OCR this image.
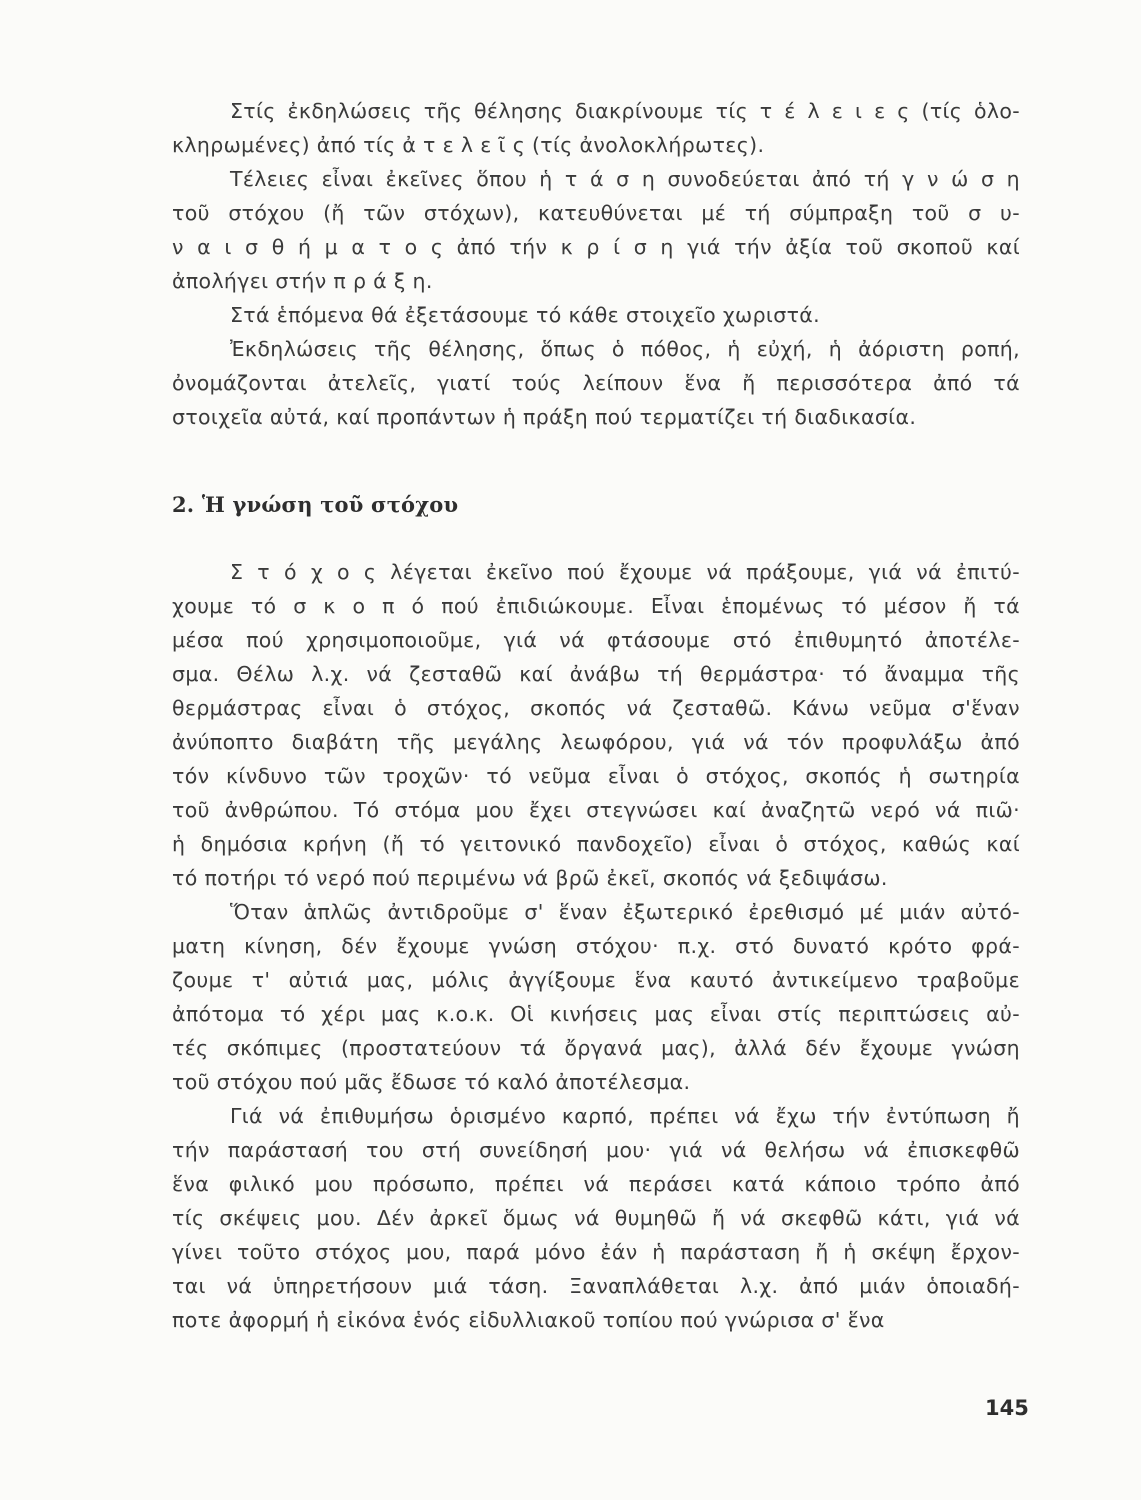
Στίς ἐκδηλώσεις τῆς θέλησης διακρίνουμε τίς τ έ λ ε ι ε ς (τίς ὁλο-
κληρωμένες) ἀπό τίς ἀ τ ε λ ε ῖ ς (τίς ἀνολοκλήρωτες).
Τέλειες εἶναι ἐκεῖνες ὅπου ἡ τ ά σ η συνοδεύεται ἀπό τή γ ν ώ σ η
τοῦ στόχου (ἤ τῶν στόχων), κατευθύνεται μέ τή σύμπραξη τοῦ σ υ-
ν α ι σ θ ή μ α τ ο ς ἀπό τήν κ ρ ί σ η γιά τήν ἀξία τοῦ σκοποῦ καί
ἀπολήγει στήν π ρ ά ξ η.
Στά ἑπόμενα θά ἐξετάσουμε τό κάθε στοιχεῖο χωριστά.
Ἐκδηλώσεις τῆς θέλησης, ὅπως ὁ πόθος, ἡ εὐχή, ἡ ἀόριστη ροπή,
ὀνομάζονται ἀτελεῖς, γιατί τούς λείπουν ἕνα ἤ περισσότερα ἀπό τά
στοιχεῖα αὐτά, καί προπάντων ἡ πράξη πού τερματίζει τή διαδικασία.
2. Ἡ γνώση τοῦ στόχου
Σ τ ό χ ο ς λέγεται ἐκεῖνο πού ἔχουμε νά πράξουμε, γιά νά ἐπιτύ-
χουμε τό σ κ ο π ό πού ἐπιδιώκουμε. Εἶναι ἑπομένως τό μέσον ἤ τά
μέσα πού χρησιμοποιοῦμε, γιά νά φτάσουμε στό ἐπιθυμητό ἀποτέλε-
σμα. Θέλω λ.χ. νά ζεσταθῶ καί ἀνάβω τή θερμάστρα· τό ἄναμμα τῆς
θερμάστρας εἶναι ὁ στόχος, σκοπός νά ζεσταθῶ. Κάνω νεῦμα σ'ἕναν
ἀνύποπτο διαβάτη τῆς μεγάλης λεωφόρου, γιά νά τόν προφυλάξω ἀπό
τόν κίνδυνο τῶν τροχῶν· τό νεῦμα εἶναι ὁ στόχος, σκοπός ἡ σωτηρία
τοῦ ἀνθρώπου. Τό στόμα μου ἔχει στεγνώσει καί ἀναζητῶ νερό νά πιῶ·
ἡ δημόσια κρήνη (ἤ τό γειτονικό πανδοχεῖο) εἶναι ὁ στόχος, καθώς καί
τό ποτήρι τό νερό πού περιμένω νά βρῶ ἐκεῖ, σκοπός νά ξεδιψάσω.
Ὅταν ἁπλῶς ἀντιδροῦμε σ' ἕναν ἐξωτερικό ἐρεθισμό μέ μιάν αὐτό-
ματη κίνηση, δέν ἔχουμε γνώση στόχου· π.χ. στό δυνατό κρότο φρά-
ζουμε τ' αὐτιά μας, μόλις ἀγγίξουμε ἕνα καυτό ἀντικείμενο τραβοῦμε
ἀπότομα τό χέρι μας κ.ο.κ. Οἱ κινήσεις μας εἶναι στίς περιπτώσεις αὐ-
τές σκόπιμες (προστατεύουν τά ὄργανά μας), ἀλλά δέν ἔχουμε γνώση
τοῦ στόχου πού μᾶς ἔδωσε τό καλό ἀποτέλεσμα.
Γιά νά ἐπιθυμήσω ὁρισμένο καρπό, πρέπει νά ἔχω τήν ἐντύπωση ἤ
τήν παράστασή του στή συνείδησή μου· γιά νά θελήσω νά ἐπισκεφθῶ
ἕνα φιλικό μου πρόσωπο, πρέπει νά περάσει κατά κάποιο τρόπο ἀπό
τίς σκέψεις μου. Δέν ἀρκεῖ ὅμως νά θυμηθῶ ἤ νά σκεφθῶ κάτι, γιά νά
γίνει τοῦτο στόχος μου, παρά μόνο ἐάν ἡ παράσταση ἤ ἡ σκέψη ἔρχον-
ται νά ὑπηρετήσουν μιά τάση. Ξαναπλάθεται λ.χ. ἀπό μιάν ὁποιαδή-
ποτε ἀφορμή ἡ εἰκόνα ἑνός εἰδυλλιακοῦ τοπίου πού γνώρισα σ' ἕνα
145
